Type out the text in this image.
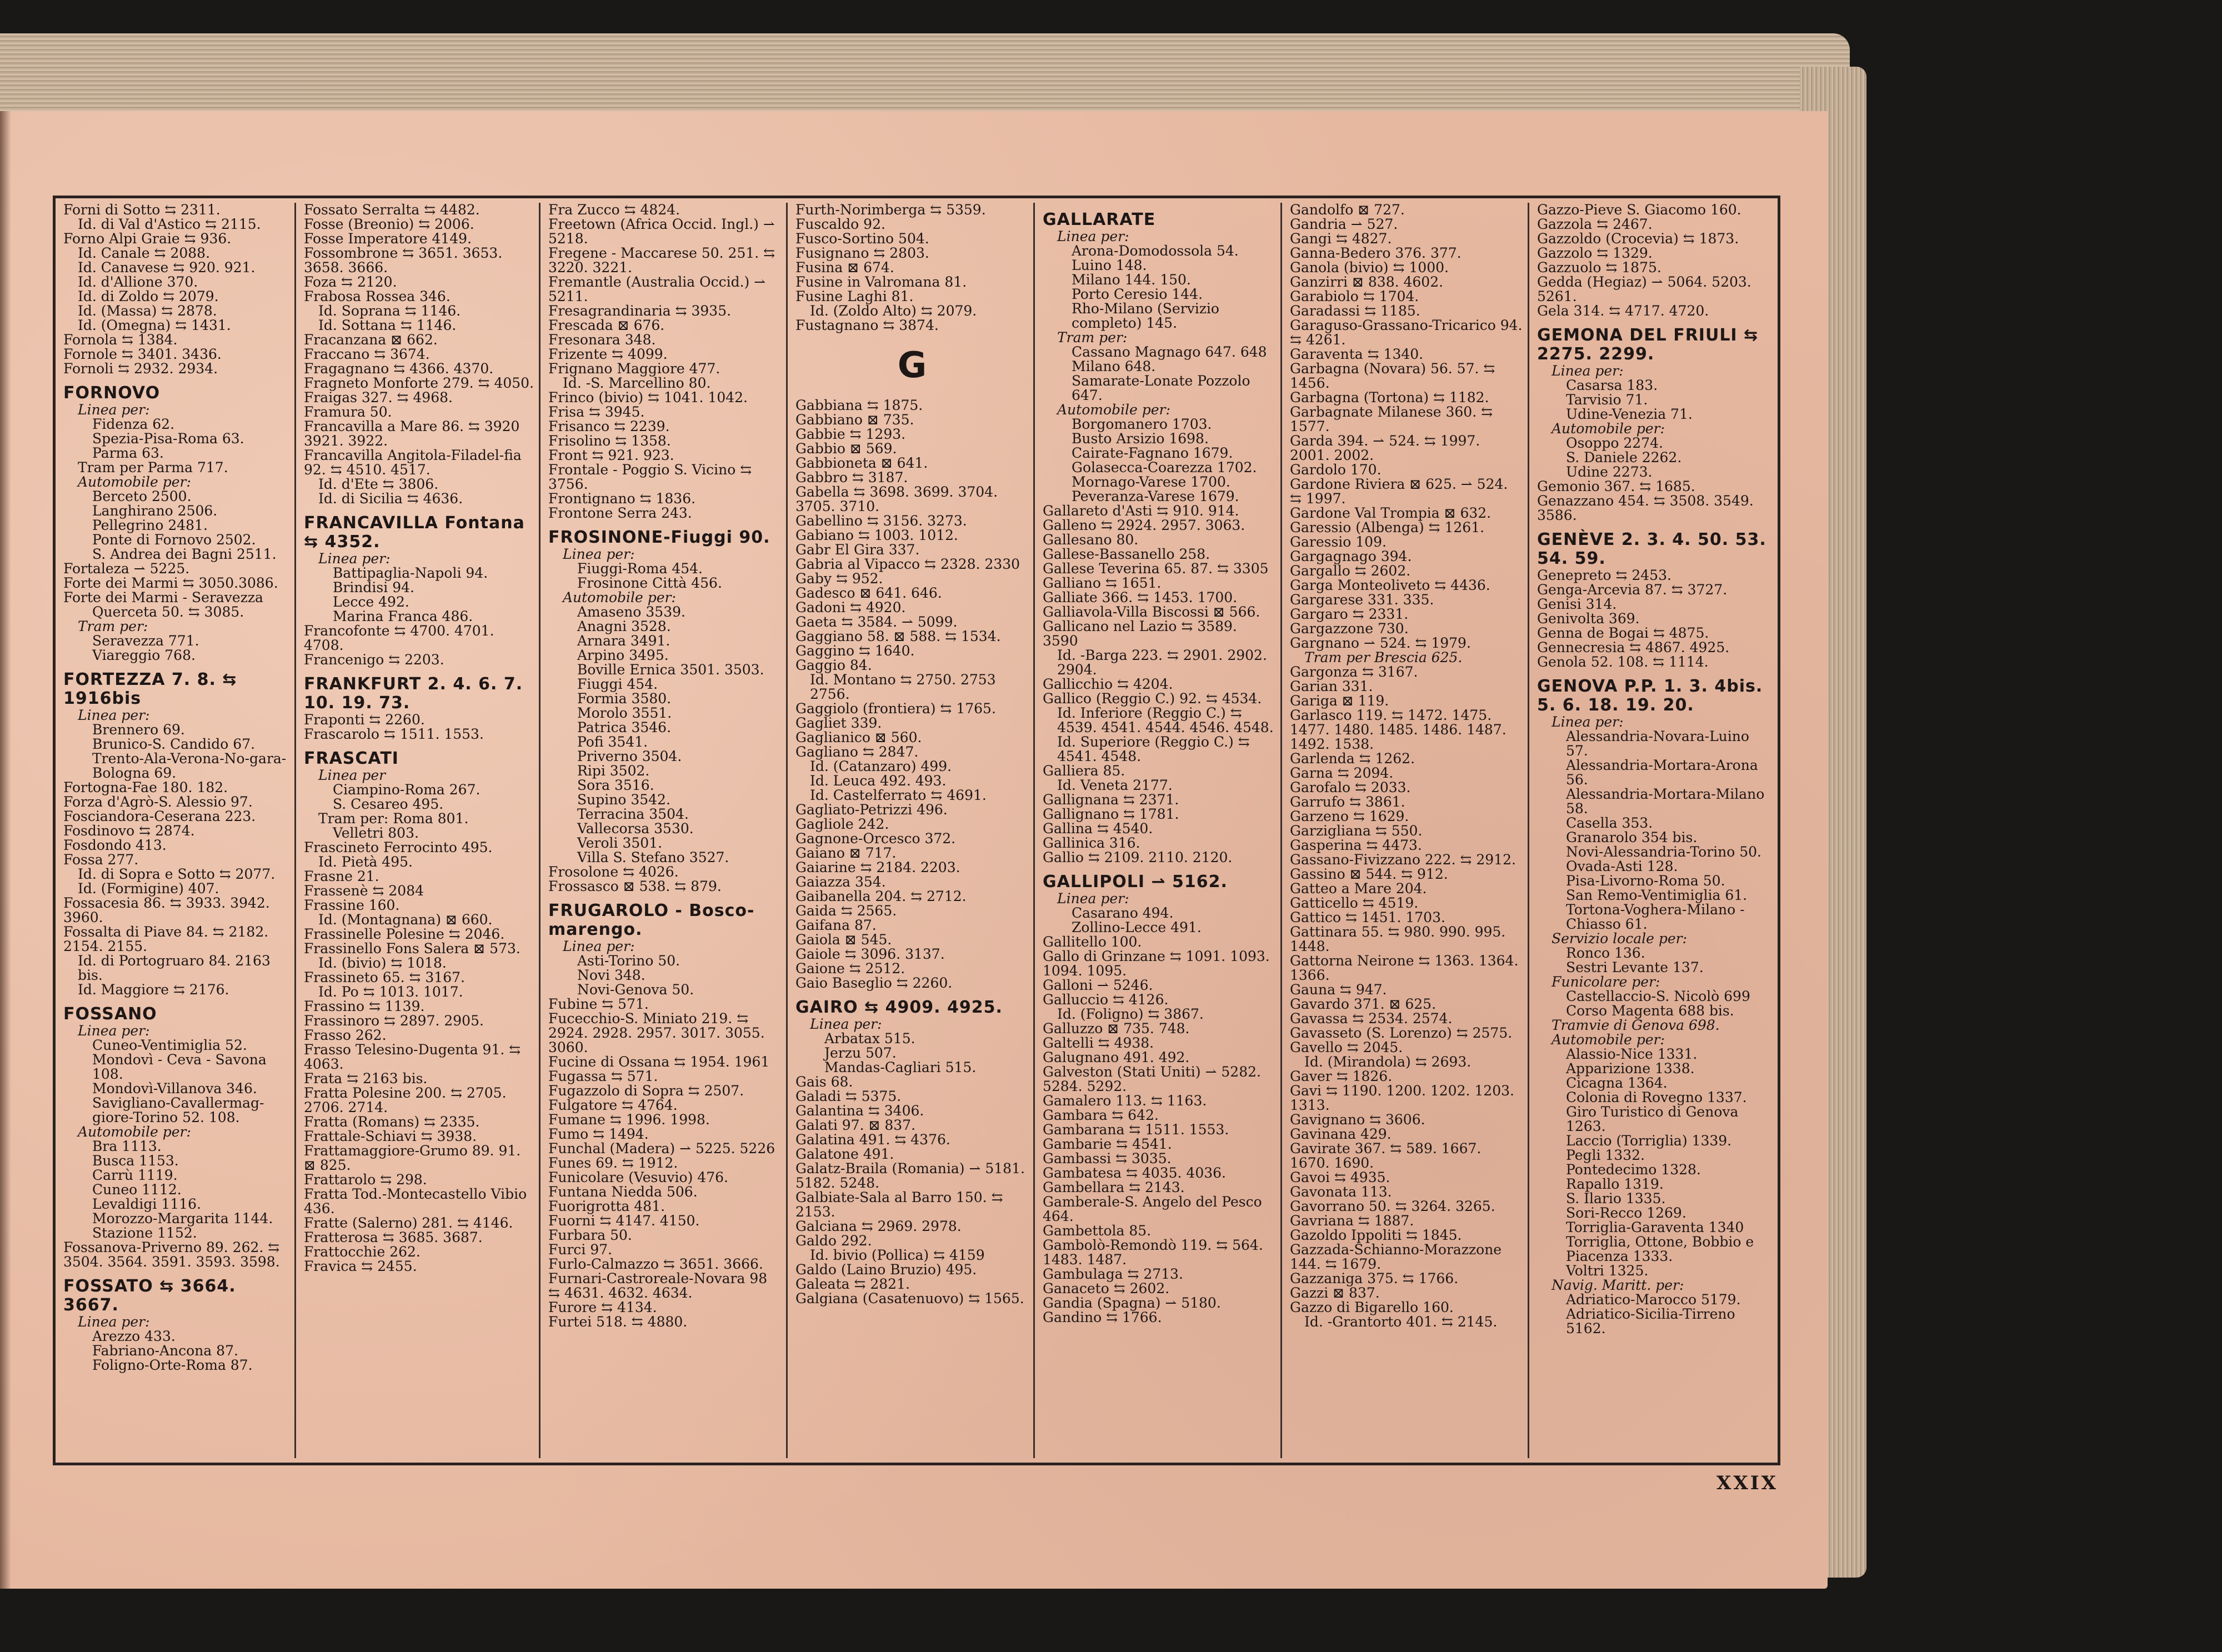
Forni di Sotto ⇆ 2311.
Id. di Val d'Astico ⇆ 2115.
Forno Alpi Graie ⇆ 936.
Id. Canale ⇆ 2088.
Id. Canavese ⇆ 920. 921.
Id. d'Allione 370.
Id. di Zoldo ⇆ 2079.
Id. (Massa) ⇆ 2878.
Id. (Omegna) ⇆ 1431.
Fornola ⇆ 1384.
Fornole ⇆ 3401. 3436.
Fornoli ⇆ 2932. 2934.
FORNOVO
Linea per:
Fidenza 62.
Spezia-Pisa-Roma 63.
Parma 63.
Tram per Parma 717.
Automobile per:
Berceto 2500.
Langhirano 2506.
Pellegrino 2481.
Ponte di Fornovo 2502.
S. Andrea dei Bagni 2511.
Fortaleza ⇀ 5225.
Forte dei Marmi ⇆ 3050.3086.
Forte dei Marmi - Seravezza
Querceta 50. ⇆ 3085.
Tram per:
Seravezza 771.
Viareggio 768.
FORTEZZA 7. 8. ⇆ 1916bis
Linea per:
Brennero 69.
Brunico-S. Candido 67.
Trento-Ala-Verona-No-gara-Bologna 69.
Fortogna-Fae 180. 182.
Forza d'Agrò-S. Alessio 97.
Fosciandora-Ceserana 223.
Fosdinovo ⇆ 2874.
Fosdondo 413.
Fossa 277.
Id. di Sopra e Sotto ⇆ 2077.
Id. (Formigine) 407.
Fossacesia 86. ⇆ 3933. 3942. 3960.
Fossalta di Piave 84. ⇆ 2182. 2154. 2155.
Id. di Portogruaro 84. 2163 bis.
Id. Maggiore ⇆ 2176.
FOSSANO
Linea per:
Cuneo-Ventimiglia 52.
Mondovì - Ceva - Savona 108.
Mondovì-Villanova 346.
Savigliano-Cavallermag-giore-Torino 52. 108.
Automobile per:
Bra 1113.
Busca 1153.
Carrù 1119.
Cuneo 1112.
Levaldigi 1116.
Morozzo-Margarita 1144.
Stazione 1152.
Fossanova-Priverno 89. 262. ⇆ 3504. 3564. 3591. 3593. 3598.
FOSSATO ⇆ 3664. 3667.
Linea per:
Arezzo 433.
Fabriano-Ancona 87.
Foligno-Orte-Roma 87.
Fossato Serralta ⇆ 4482.
Fosse (Breonio) ⇆ 2006.
Fosse Imperatore 4149.
Fossombrone ⇆ 3651. 3653. 3658. 3666.
Foza ⇆ 2120.
Frabosa Rossea 346.
Id. Soprana ⇆ 1146.
Id. Sottana ⇆ 1146.
Fracanzana ⊠ 662.
Fraccano ⇆ 3674.
Fragagnano ⇆ 4366. 4370.
Fragneto Monforte 279. ⇆ 4050.
Fraigas 327. ⇆ 4968.
Framura 50.
Francavilla a Mare 86. ⇆ 3920 3921. 3922.
Francavilla Angitola-Filadel-fia 92. ⇆ 4510. 4517.
Id. d'Ete ⇆ 3806.
Id. di Sicilia ⇆ 4636.
FRANCAVILLA Fontana ⇆ 4352.
Linea per:
Battipaglia-Napoli 94.
Brindisi 94.
Lecce 492.
Marina Franca 486.
Francofonte ⇆ 4700. 4701. 4708.
Francenigo ⇆ 2203.
FRANKFURT 2. 4. 6. 7. 10. 19. 73.
Fraponti ⇆ 2260.
Frascarolo ⇆ 1511. 1553.
FRASCATI
Linea per
Ciampino-Roma 267.
S. Cesareo 495.
Tram per: Roma 801.
Velletri 803.
Frascineto Ferrocinto 495.
Id. Pietà 495.
Frasne 21.
Frassenè ⇆ 2084
Frassine 160.
Id. (Montagnana) ⊠ 660.
Frassinelle Polesine ⇆ 2046.
Frassinello Fons Salera ⊠ 573.
Id. (bivio) ⇆ 1018.
Frassineto 65. ⇆ 3167.
Id. Po ⇆ 1013. 1017.
Frassino ⇆ 1139.
Frassinoro ⇆ 2897. 2905.
Frasso 262.
Frasso Telesino-Dugenta 91. ⇆ 4063.
Frata ⇆ 2163 bis.
Fratta Polesine 200. ⇆ 2705. 2706. 2714.
Fratta (Romans) ⇆ 2335.
Frattale-Schiavi ⇆ 3938.
Frattamaggiore-Grumo 89. 91. ⊠ 825.
Frattarolo ⇆ 298.
Fratta Tod.-Montecastello Vibio 436.
Fratte (Salerno) 281. ⇆ 4146.
Fratterosa ⇆ 3685. 3687.
Frattocchie 262.
Fravica ⇆ 2455.
Fra Zucco ⇆ 4824.
Freetown (Africa Occid. Ingl.) ⇀ 5218.
Fregene - Maccarese 50. 251. ⇆ 3220. 3221.
Fremantle (Australia Occid.) ⇀ 5211.
Fresagrandinaria ⇆ 3935.
Frescada ⊠ 676.
Fresonara 348.
Frizente ⇆ 4099.
Frignano Maggiore 477.
Id. -S. Marcellino 80.
Frinco (bivio) ⇆ 1041. 1042.
Frisa ⇆ 3945.
Frisanco ⇆ 2239.
Frisolino ⇆ 1358.
Front ⇆ 921. 923.
Frontale - Poggio S. Vicino ⇆ 3756.
Frontignano ⇆ 1836.
Frontone Serra 243.
FROSINONE-Fiuggi 90.
Linea per:
Fiuggi-Roma 454.
Frosinone Città 456.
Automobile per:
Amaseno 3539.
Anagni 3528.
Arnara 3491.
Arpino 3495.
Boville Ernica 3501. 3503.
Fiuggi 454.
Formia 3580.
Morolo 3551.
Patrica 3546.
Pofi 3541.
Priverno 3504.
Ripi 3502.
Sora 3516.
Supino 3542.
Terracina 3504.
Vallecorsa 3530.
Veroli 3501.
Villa S. Stefano 3527.
Frosolone ⇆ 4026.
Frossasco ⊠ 538. ⇆ 879.
FRUGAROLO - Bosco-marengo.
Linea per:
Asti-Torino 50.
Novi 348.
Novi-Genova 50.
Fubine ⇆ 571.
Fucecchio-S. Miniato 219. ⇆ 2924. 2928. 2957. 3017. 3055. 3060.
Fucine di Ossana ⇆ 1954. 1961
Fugassa ⇆ 571.
Fugazzolo di Sopra ⇆ 2507.
Fulgatore ⇆ 4764.
Fumane ⇆ 1996. 1998.
Fumo ⇆ 1494.
Funchal (Madera) ⇀ 5225. 5226
Funes 69. ⇆ 1912.
Funicolare (Vesuvio) 476.
Funtana Niedda 506.
Fuorigrotta 481.
Fuorni ⇆ 4147. 4150.
Furbara 50.
Furci 97.
Furlo-Calmazzo ⇆ 3651. 3666.
Furnari-Castroreale-Novara 98 ⇆ 4631. 4632. 4634.
Furore ⇆ 4134.
Furtei 518. ⇆ 4880.
Furth-Norimberga ⇆ 5359.
Fuscaldo 92.
Fusco-Sortino 504.
Fusignano ⇆ 2803.
Fusina ⊠ 674.
Fusine in Valromana 81.
Fusine Laghi 81.
Id. (Zoldo Alto) ⇆ 2079.
Fustagnano ⇆ 3874.
G
Gabbiana ⇆ 1875.
Gabbiano ⊠ 735.
Gabbie ⇆ 1293.
Gabbio ⊠ 569.
Gabbioneta ⊠ 641.
Gabbro ⇆ 3187.
Gabella ⇆ 3698. 3699. 3704. 3705. 3710.
Gabellino ⇆ 3156. 3273.
Gabiano ⇆ 1003. 1012.
Gabr El Gira 337.
Gabria al Vipacco ⇆ 2328. 2330
Gaby ⇆ 952.
Gadesco ⊠ 641. 646.
Gadoni ⇆ 4920.
Gaeta ⇆ 3584. ⇀ 5099.
Gaggiano 58. ⊠ 588. ⇆ 1534.
Gaggino ⇆ 1640.
Gaggio 84.
Id. Montano ⇆ 2750. 2753 2756.
Gaggiolo (frontiera) ⇆ 1765.
Gagliet 339.
Gaglianico ⊠ 560.
Gagliano ⇆ 2847.
Id. (Catanzaro) 499.
Id. Leuca 492. 493.
Id. Castelferrato ⇆ 4691.
Gagliato-Petrizzi 496.
Gagliole 242.
Gagnone-Orcesco 372.
Gaiano ⊠ 717.
Gaiarine ⇆ 2184. 2203.
Gaiazza 354.
Gaibanella 204. ⇆ 2712.
Gaida ⇆ 2565.
Gaifana 87.
Gaiola ⊠ 545.
Gaiole ⇆ 3096. 3137.
Gaione ⇆ 2512.
Gaio Baseglio ⇆ 2260.
GAIRO ⇆ 4909. 4925.
Linea per:
Arbatax 515.
Jerzu 507.
Mandas-Cagliari 515.
Gais 68.
Galadi ⇆ 5375.
Galantina ⇆ 3406.
Galati 97. ⊠ 837.
Galatina 491. ⇆ 4376.
Galatone 491.
Galatz-Braila (Romania) ⇀ 5181. 5182. 5248.
Galbiate-Sala al Barro 150. ⇆ 2153.
Galciana ⇆ 2969. 2978.
Galdo 292.
Id. bivio (Pollica) ⇆ 4159
Galdo (Laino Bruzio) 495.
Galeata ⇆ 2821.
Galgiana (Casatenuovo) ⇆ 1565.
GALLARATE
Linea per:
Arona-Domodossola 54.
Luino 148.
Milano 144. 150.
Porto Ceresio 144.
Rho-Milano (Servizio completo) 145.
Tram per:
Cassano Magnago 647. 648
Milano 648.
Samarate-Lonate Pozzolo 647.
Automobile per:
Borgomanero 1703.
Busto Arsizio 1698.
Cairate-Fagnano 1679.
Golasecca-Coarezza 1702.
Mornago-Varese 1700.
Peveranza-Varese 1679.
Gallareto d'Asti ⇆ 910. 914.
Galleno ⇆ 2924. 2957. 3063.
Gallesano 80.
Gallese-Bassanello 258.
Gallese Teverina 65. 87. ⇆ 3305
Galliano ⇆ 1651.
Galliate 366. ⇆ 1453. 1700.
Galliavola-Villa Biscossi ⊠ 566.
Gallicano nel Lazio ⇆ 3589. 3590
Id. -Barga 223. ⇆ 2901. 2902. 2904.
Gallicchio ⇆ 4204.
Gallico (Reggio C.) 92. ⇆ 4534.
Id. Inferiore (Reggio C.) ⇆ 4539. 4541. 4544. 4546. 4548.
Id. Superiore (Reggio C.) ⇆ 4541. 4548.
Galliera 85.
Id. Veneta 2177.
Gallignana ⇆ 2371.
Gallignano ⇆ 1781.
Gallina ⇆ 4540.
Gallinica 316.
Gallio ⇆ 2109. 2110. 2120.
GALLIPOLI ⇀ 5162.
Linea per:
Casarano 494.
Zollino-Lecce 491.
Gallitello 100.
Gallo di Grinzane ⇆ 1091. 1093. 1094. 1095.
Galloni ⇀ 5246.
Galluccio ⇆ 4126.
Id. (Foligno) ⇆ 3867.
Galluzzo ⊠ 735. 748.
Galtelli ⇆ 4938.
Galugnano 491. 492.
Galveston (Stati Uniti) ⇀ 5282. 5284. 5292.
Gamalero 113. ⇆ 1163.
Gambara ⇆ 642.
Gambarana ⇆ 1511. 1553.
Gambarie ⇆ 4541.
Gambassi ⇆ 3035.
Gambatesa ⇆ 4035. 4036.
Gambellara ⇆ 2143.
Gamberale-S. Angelo del Pesco 464.
Gambettola 85.
Gambolò-Remondò 119. ⇆ 564. 1483. 1487.
Gambulaga ⇆ 2713.
Ganaceto ⇆ 2602.
Gandia (Spagna) ⇀ 5180.
Gandino ⇆ 1766.
Gandolfo ⊠ 727.
Gandria ⇀ 527.
Gangi ⇆ 4827.
Ganna-Bedero 376. 377.
Ganola (bivio) ⇆ 1000.
Ganzirri ⊠ 838. 4602.
Garabiolo ⇆ 1704.
Garadassi ⇆ 1185.
Garaguso-Grassano-Tricarico 94. ⇆ 4261.
Garaventa ⇆ 1340.
Garbagna (Novara) 56. 57. ⇆ 1456.
Garbagna (Tortona) ⇆ 1182.
Garbagnate Milanese 360. ⇆ 1577.
Garda 394. ⇀ 524. ⇆ 1997. 2001. 2002.
Gardolo 170.
Gardone Riviera ⊠ 625. ⇀ 524. ⇆ 1997.
Gardone Val Trompia ⊠ 632.
Garessio (Albenga) ⇆ 1261.
Garessio 109.
Gargagnago 394.
Gargallo ⇆ 2602.
Garga Monteoliveto ⇆ 4436.
Gargarese 331. 335.
Gargaro ⇆ 2331.
Gargazzone 730.
Gargnano ⇀ 524. ⇆ 1979.
Tram per Brescia 625.
Gargonza ⇆ 3167.
Garian 331.
Gariga ⊠ 119.
Garlasco 119. ⇆ 1472. 1475. 1477. 1480. 1485. 1486. 1487. 1492. 1538.
Garlenda ⇆ 1262.
Garna ⇆ 2094.
Garofalo ⇆ 2033.
Garrufo ⇆ 3861.
Garzeno ⇆ 1629.
Garzigliana ⇆ 550.
Gasperina ⇆ 4473.
Gassano-Fivizzano 222. ⇆ 2912.
Gassino ⊠ 544. ⇆ 912.
Gatteo a Mare 204.
Gatticello ⇆ 4519.
Gattico ⇆ 1451. 1703.
Gattinara 55. ⇆ 980. 990. 995. 1448.
Gattorna Neirone ⇆ 1363. 1364. 1366.
Gauna ⇆ 947.
Gavardo 371. ⊠ 625.
Gavassa ⇆ 2534. 2574.
Gavasseto (S. Lorenzo) ⇆ 2575.
Gavello ⇆ 2045.
Id. (Mirandola) ⇆ 2693.
Gaver ⇆ 1826.
Gavi ⇆ 1190. 1200. 1202. 1203. 1313.
Gavignano ⇆ 3606.
Gavinana 429.
Gavirate 367. ⇆ 589. 1667. 1670. 1690.
Gavoi ⇆ 4935.
Gavonata 113.
Gavorrano 50. ⇆ 3264. 3265.
Gavriana ⇆ 1887.
Gazoldo Ippoliti ⇆ 1845.
Gazzada-Schianno-Morazzone 144. ⇆ 1679.
Gazzaniga 375. ⇆ 1766.
Gazzi ⊠ 837.
Gazzo di Bigarello 160.
Id. -Grantorto 401. ⇆ 2145.
Gazzo-Pieve S. Giacomo 160.
Gazzola ⇆ 2467.
Gazzoldo (Crocevia) ⇆ 1873.
Gazzolo ⇆ 1329.
Gazzuolo ⇆ 1875.
Gedda (Hegiaz) ⇀ 5064. 5203. 5261.
Gela 314. ⇆ 4717. 4720.
GEMONA DEL FRIULI ⇆ 2275. 2299.
Linea per:
Casarsa 183.
Tarvisio 71.
Udine-Venezia 71.
Automobile per:
Osoppo 2274.
S. Daniele 2262.
Udine 2273.
Gemonio 367. ⇆ 1685.
Genazzano 454. ⇆ 3508. 3549. 3586.
GENÈVE 2. 3. 4. 50. 53. 54. 59.
Genepreto ⇆ 2453.
Genga-Arcevia 87. ⇆ 3727.
Genisi 314.
Genivolta 369.
Genna de Bogai ⇆ 4875.
Gennecresia ⇆ 4867. 4925.
Genola 52. 108. ⇆ 1114.
GENOVA P.P. 1. 3. 4bis. 5. 6. 18. 19. 20.
Linea per:
Alessandria-Novara-Luino 57.
Alessandria-Mortara-Arona 56.
Alessandria-Mortara-Milano 58.
Casella 353.
Granarolo 354 bis.
Novi-Alessandria-Torino 50.
Ovada-Asti 128.
Pisa-Livorno-Roma 50.
San Remo-Ventimiglia 61.
Tortona-Voghera-Milano -Chiasso 61.
Servizio locale per:
Ronco 136.
Sestri Levante 137.
Funicolare per:
Castellaccio-S. Nicolò 699
Corso Magenta 688 bis.
Tramvie di Genova 698.
Automobile per:
Alassio-Nice 1331.
Apparizione 1338.
Cicagna 1364.
Colonia di Rovegno 1337.
Giro Turistico di Genova 1263.
Laccio (Torriglia) 1339.
Pegli 1332.
Pontedecimo 1328.
Rapallo 1319.
S. Ilario 1335.
Sori-Recco 1269.
Torriglia-Garaventa 1340
Torriglia, Ottone, Bobbio e Piacenza 1333.
Voltri 1325.
Navig. Maritt. per:
Adriatico-Marocco 5179.
Adriatico-Sicilia-Tirreno 5162.
XXIX
